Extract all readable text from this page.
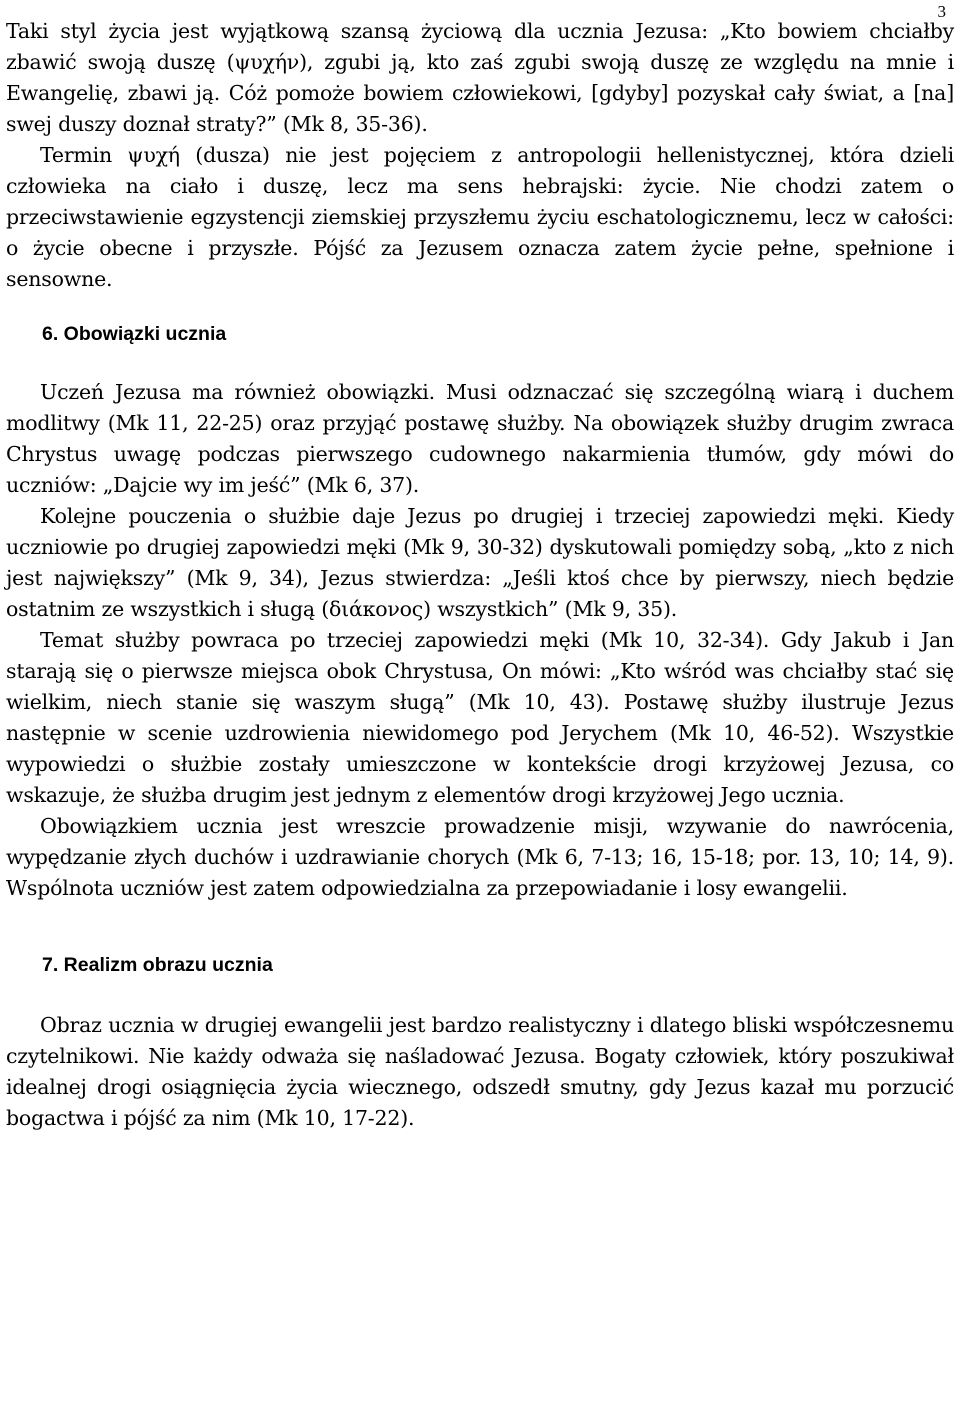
3

Taki styl życia jest wyjątkową szansą życiową dla ucznia Jezusa: „Kto bowiem chciałby zbawić swoją duszę (ψυχήν), zgubi ją, kto zaś zgubi swoją duszę ze względu na mnie i Ewangelię, zbawi ją. Cóż pomoże bowiem człowiekowi, [gdyby] pozyskał cały świat, a [na] swej duszy doznał straty?” (Mk 8, 35-36).

Termin ψυχή (dusza) nie jest pojęciem z antropologii hellenistycznej, która dzieli człowieka na ciało i duszę, lecz ma sens hebrajski: życie. Nie chodzi zatem o przeciwstawienie egzystencji ziemskiej przyszłemu życiu eschatologicznemu, lecz w całości: o życie obecne i przyszłe. Pójść za Jezusem oznacza zatem życie pełne, spełnione i sensowne.

6. Obowiązki ucznia

Uczeń Jezusa ma również obowiązki. Musi odznaczać się szczególną wiarą i duchem modlitwy (Mk 11, 22-25) oraz przyjąć postawę służby. Na obowiązek służby drugim zwraca Chrystus uwagę podczas pierwszego cudownego nakarmienia tłumów, gdy mówi do uczniów: „Dajcie wy im jeść” (Mk 6, 37).

Kolejne pouczenia o służbie daje Jezus po drugiej i trzeciej zapowiedzi męki. Kiedy uczniowie po drugiej zapowiedzi męki (Mk 9, 30-32) dyskutowali pomiędzy sobą, „kto z nich jest największy” (Mk 9, 34), Jezus stwierdza: „Jeśli ktoś chce by pierwszy, niech będzie ostatnim ze wszystkich i sługą (διάκονος) wszystkich” (Mk 9, 35).

Temat służby powraca po trzeciej zapowiedzi męki (Mk 10, 32-34). Gdy Jakub i Jan starają się o pierwsze miejsca obok Chrystusa, On mówi: „Kto wśród was chciałby stać się wielkim, niech stanie się waszym sługą” (Mk 10, 43). Postawę służby ilustruje Jezus następnie w scenie uzdrowienia niewidomego pod Jerychem (Mk 10, 46-52). Wszystkie wypowiedzi o służbie zostały umieszczone w kontekście drogi krzyżowej Jezusa, co wskazuje, że służba drugim jest jednym z elementów drogi krzyżowej Jego ucznia.

Obowiązkiem ucznia jest wreszcie prowadzenie misji, wzywanie do nawrócenia, wypędzanie złych duchów i uzdrawianie chorych (Mk 6, 7-13; 16, 15-18; por. 13, 10; 14, 9). Wspólnota uczniów jest zatem odpowiedzialna za przepowiadanie i losy ewangelii.

7. Realizm obrazu ucznia

Obraz ucznia w drugiej ewangelii jest bardzo realistyczny i dlatego bliski współczesnemu czytelnikowi. Nie każdy odważa się naśladować Jezusa. Bogaty człowiek, który poszukiwał idealnej drogi osiągnięcia życia wiecznego, odszedł smutny, gdy Jezus kazał mu porzucić bogactwa i pójść za nim (Mk 10, 17-22).
